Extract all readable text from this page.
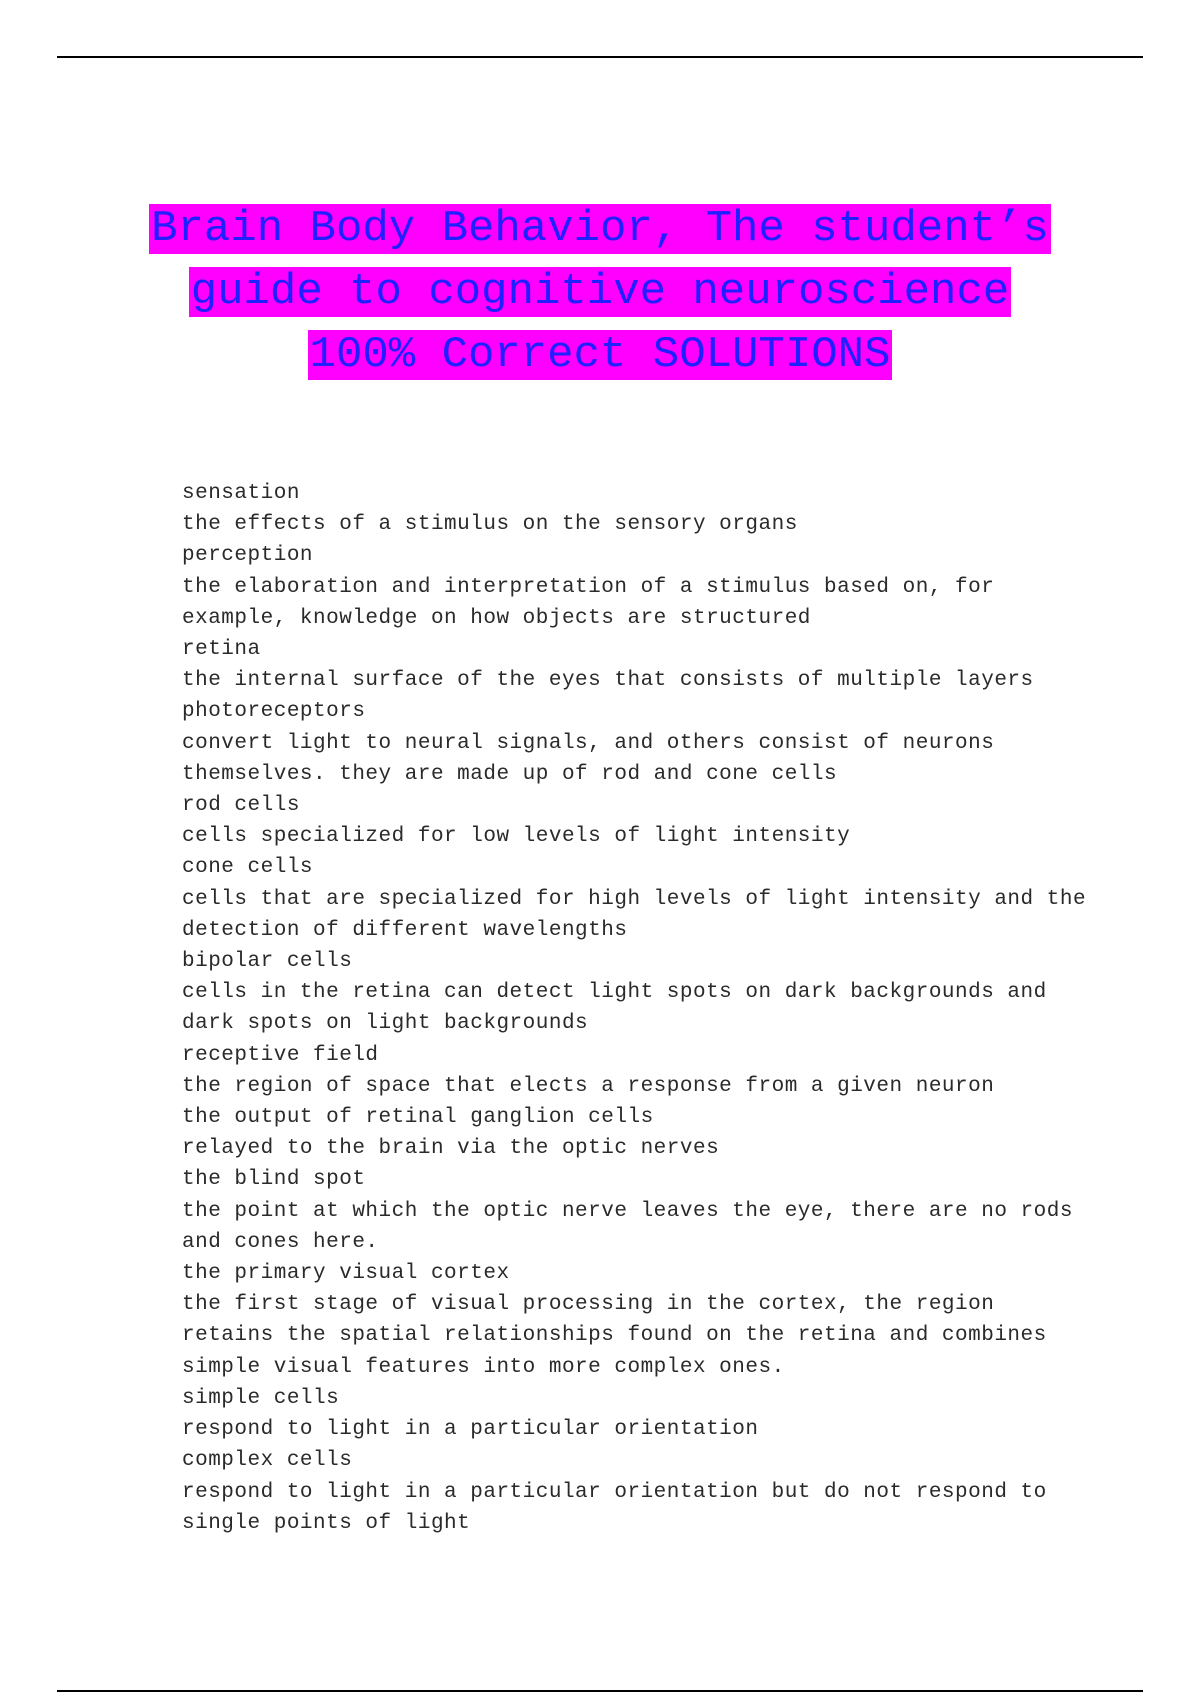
Brain Body Behavior, The student’s
guide to cognitive neuroscience
100% Correct SOLUTIONS
sensation
the effects of a stimulus on the sensory organs
perception
the elaboration and interpretation of a stimulus based on, for
example, knowledge on how objects are structured
retina
the internal surface of the eyes that consists of multiple layers
photoreceptors
convert light to neural signals, and others consist of neurons
themselves. they are made up of rod and cone cells
rod cells
cells specialized for low levels of light intensity
cone cells
cells that are specialized for high levels of light intensity and the
detection of different wavelengths
bipolar cells
cells in the retina can detect light spots on dark backgrounds and
dark spots on light backgrounds
receptive field
the region of space that elects a response from a given neuron
the output of retinal ganglion cells
relayed to the brain via the optic nerves
the blind spot
the point at which the optic nerve leaves the eye, there are no rods
and cones here.
the primary visual cortex
the first stage of visual processing in the cortex, the region
retains the spatial relationships found on the retina and combines
simple visual features into more complex ones.
simple cells
respond to light in a particular orientation
complex cells
respond to light in a particular orientation but do not respond to
single points of light
